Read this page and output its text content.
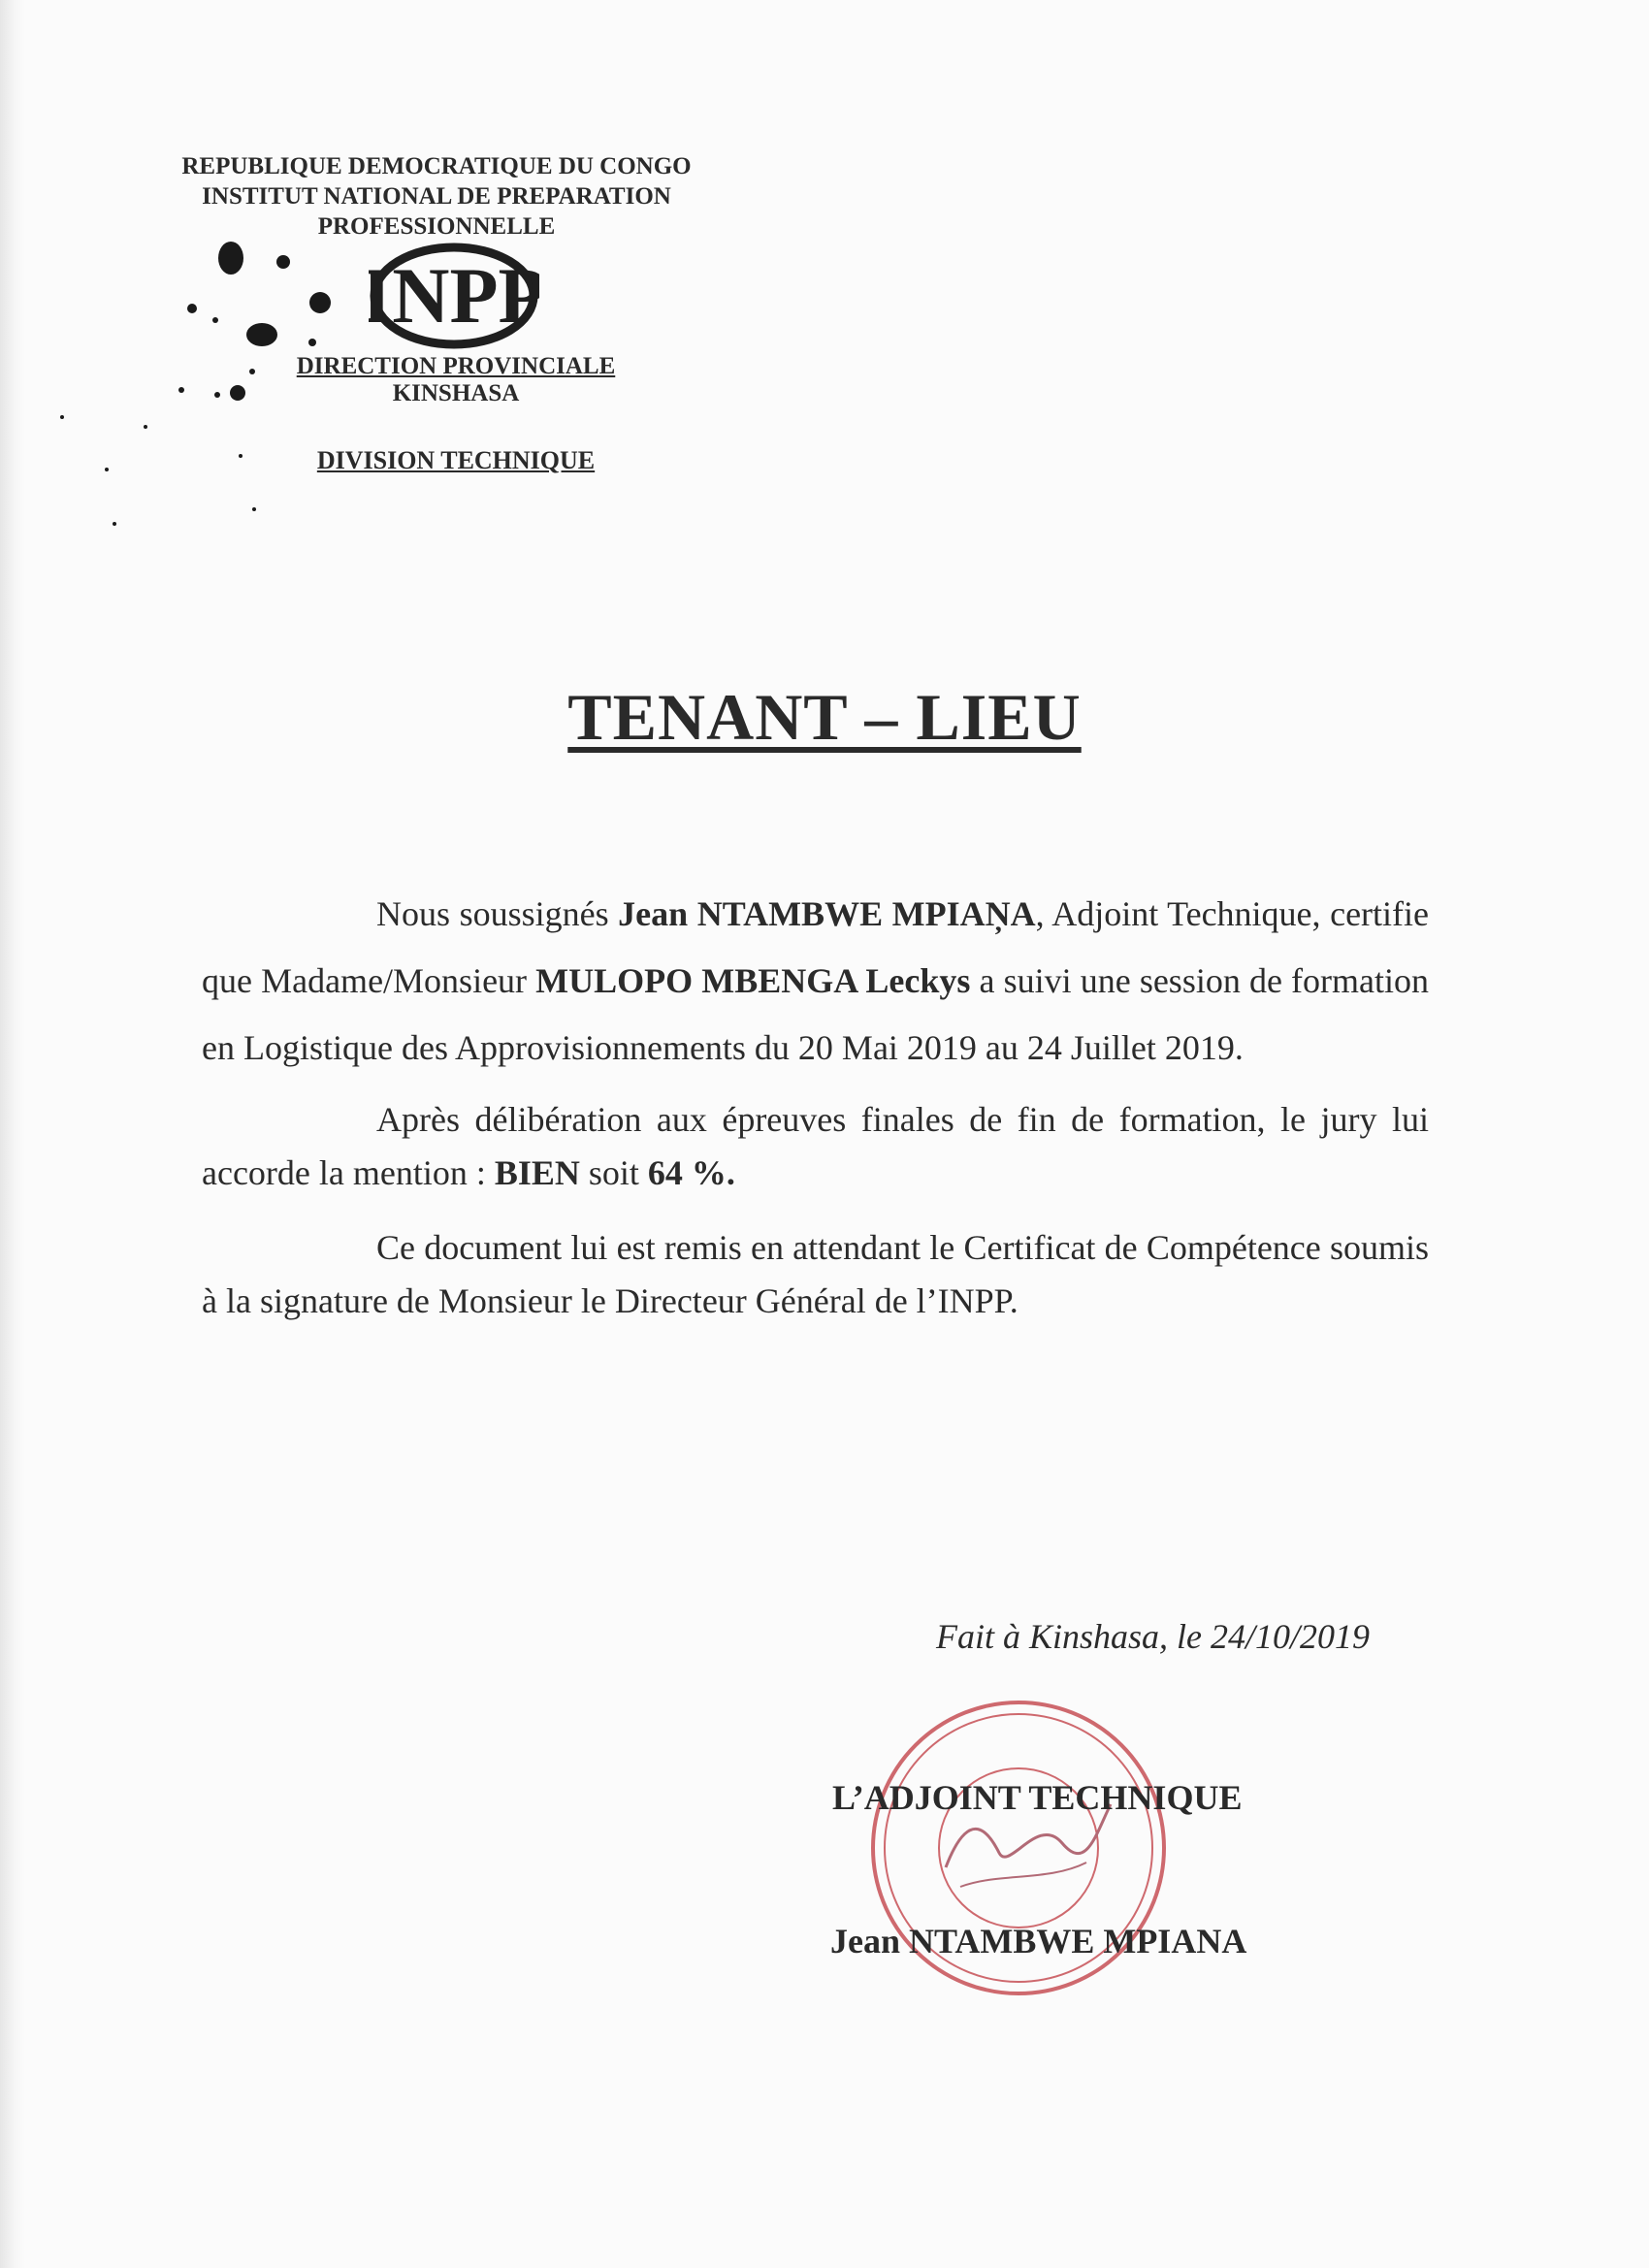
REPUBLIQUE DEMOCRATIQUE DU CONGO
INSTITUT NATIONAL DE PREPARATION
PROFESSIONNELLE
INPP
DIRECTION PROVINCIALE
KINSHASA
DIVISION TECHNIQUE
TENANT – LIEU

Nous soussignés Jean NTAMBWE MPIAŅA, Adjoint Technique, certifie que Madame/Monsieur MULOPO MBENGA Leckys a suivi une session de formation en Logistique des Approvisionnements du 20 Mai 2019 au 24 Juillet 2019.

Après délibération aux épreuves finales de fin de formation, le jury lui accorde la mention : BIEN soit 64 %.

Ce document lui est remis en attendant le Certificat de Compétence soumis à la signature de Monsieur le Directeur Général de l’INPP.

Fait à Kinshasa, le 24/10/2019
L’ADJOINT TECHNIQUE
Jean NTAMBWE MPIANA
